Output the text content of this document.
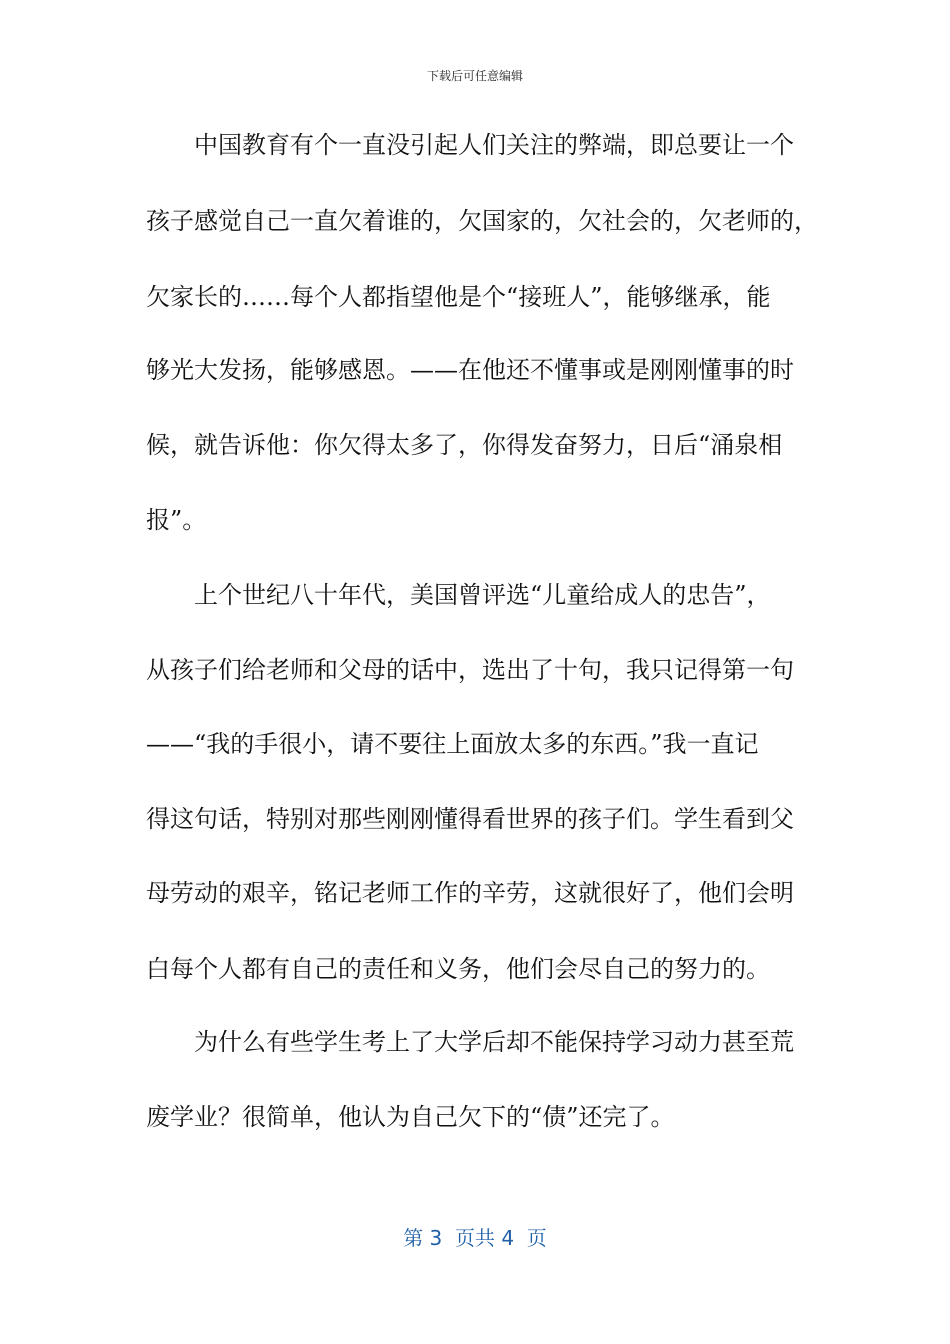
下载后可任意编辑
　　中国教育有个一直没引起人们关注的弊端，即总要让一个
孩子感觉自己一直欠着谁的，欠国家的，欠社会的，欠老师的，
欠家长的……每个人都指望他是个“接班人”，能够继承，能
够光大发扬，能够感恩。——在他还不懂事或是刚刚懂事的时
候，就告诉他：你欠得太多了，你得发奋努力，日后“涌泉相
报”。
　　上个世纪八十年代，美国曾评选“儿童给成人的忠告”，
从孩子们给老师和父母的话中，选出了十句，我只记得第一句
——“我的手很小，请不要往上面放太多的东西。”我一直记
得这句话，特别对那些刚刚懂得看世界的孩子们。学生看到父
母劳动的艰辛，铭记老师工作的辛劳，这就很好了，他们会明
白每个人都有自己的责任和义务，他们会尽自己的努力的。
　　为什么有些学生考上了大学后却不能保持学习动力甚至荒
废学业？很简单，他认为自己欠下的“债”还完了。
第 3  页共 4  页
